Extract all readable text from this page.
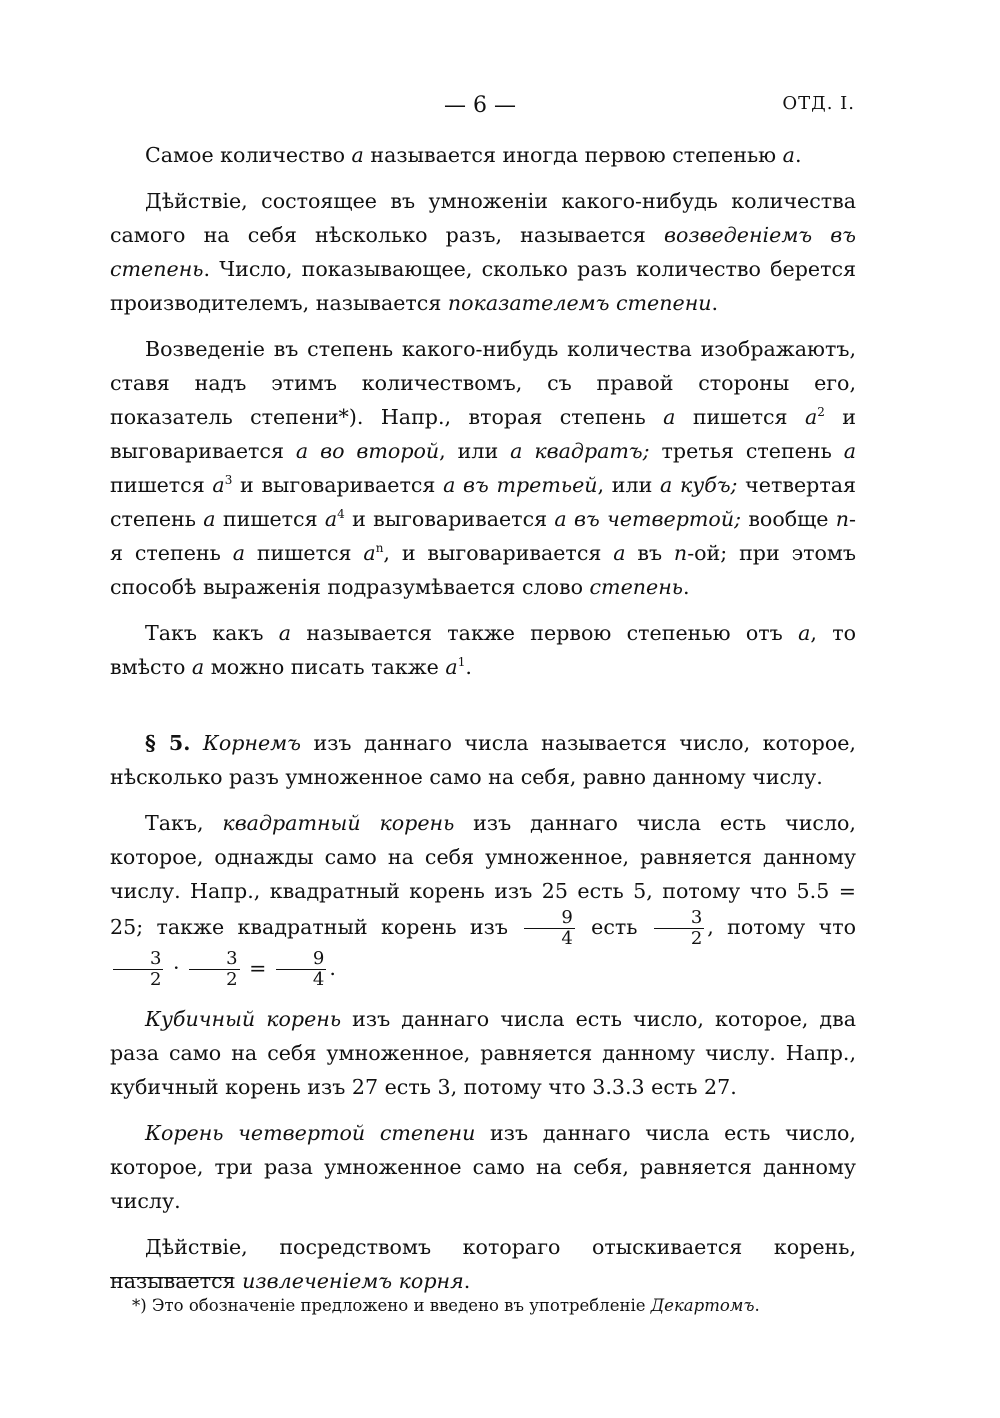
— 6 —	ОТД. I.

Самое количество a называется иногда первою степенью a.

Дѣйствіе, состоящее въ умноженіи какого-нибудь количества самого на себя нѣсколько разъ, называется возведеніемъ въ степень. Число, показывающее, сколько разъ количество берется производителемъ, называется показателемъ степени.

Возведеніе въ степень какого-нибудь количества изображаютъ, ставя надъ этимъ количествомъ, съ правой стороны его, показатель степени*). Напр., вторая степень a пишется $a^2$ и выговаривается a во второй, или a квадратъ; третья степень a пишется $a^3$ и выговаривается a въ третьей, или a кубъ; четвертая степень a пишется $a^4$ и выговаривается a въ четвертой; вообще n-я степень a пишется $a^n$, и выговаривается a въ n-ой; при этомъ способѣ выраженія подразумѣвается слово степень.

Такъ какъ a называется также первою степенью отъ a, то вмѣсто a можно писать также $a^1$.

§ 5. Корнемъ изъ даннаго числа называется число, которое, нѣсколько разъ умноженное само на себя, равно данному числу.

Такъ, квадратный корень изъ даннаго числа есть число, которое, однажды само на себя умноженное, равняется данному числу. Напр., квадратный корень изъ 25 есть 5, потому что 5.5 = 25; также квадратный корень изъ $\frac{9}{4}$ есть $\frac{3}{2}$ , потому что
$\frac{3}{2} \cdot \frac{3}{2} = \frac{9}{4}$ .

Кубичный корень изъ даннаго числа есть число, которое, два раза само на себя умноженное, равняется данному числу. Напр., кубичный корень изъ 27 есть 3, потому что 3.3.3 есть 27.

Корень четвертой степени изъ даннаго числа есть число, которое, три раза умноженное само на себя, равняется данному числу.

Дѣйствіе, посредствомъ котораго отыскивается корень, называется извлеченіемъ корня.

*) Это обозначеніе предложено и введено въ употребленіе Декартомъ.
